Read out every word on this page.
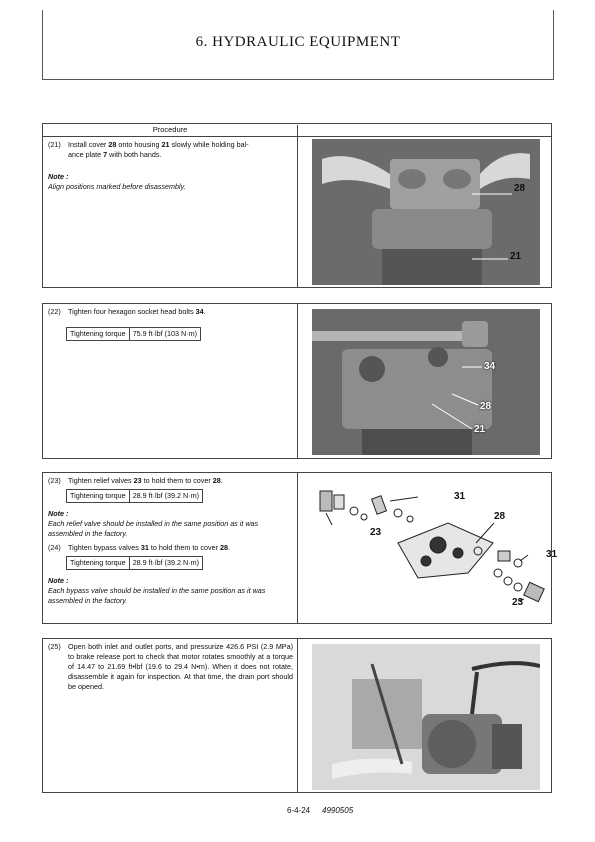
6. HYDRAULIC EQUIPMENT
Procedure
(21)	Install cover 28 onto housing 21 slowly while holding bal-
ance plate 7 with both hands.
Note :
Align positions marked before disassembly.	28
21
(22)	Tighten four hexagon socket head bolts 34.
Tightening torque	75.9 ft·lbf (103 N·m)
34
28
21
(23)	Tighten relief valves 23 to hold them to cover 28.
Tightening torque	28.9 ft·lbf (39.2 N·m)
Note :
Each relief valve should be installed in the same position as it was assembled in the factory.
(24)	Tighten bypass valves 31 to hold them to cover 28.
Tightening torque	28.9 ft·lbf (39.2 N·m)
Note :
Each bypass valve should be installed in the same position as it was assembled in the factory.
31
28
23
31
23
(25)	Open both inlet and outlet ports, and pressurize 426.6 PSI (2.9 MPa) to brake release port to check that motor rotates smoothly at a torque of 14.47 to 21.69 ft•lbf (19.6 to 29.4 N•m). When it does not rotate, disassemble it again for inspection. At that time, the drain port should be opened.
6-4-24 4990505
